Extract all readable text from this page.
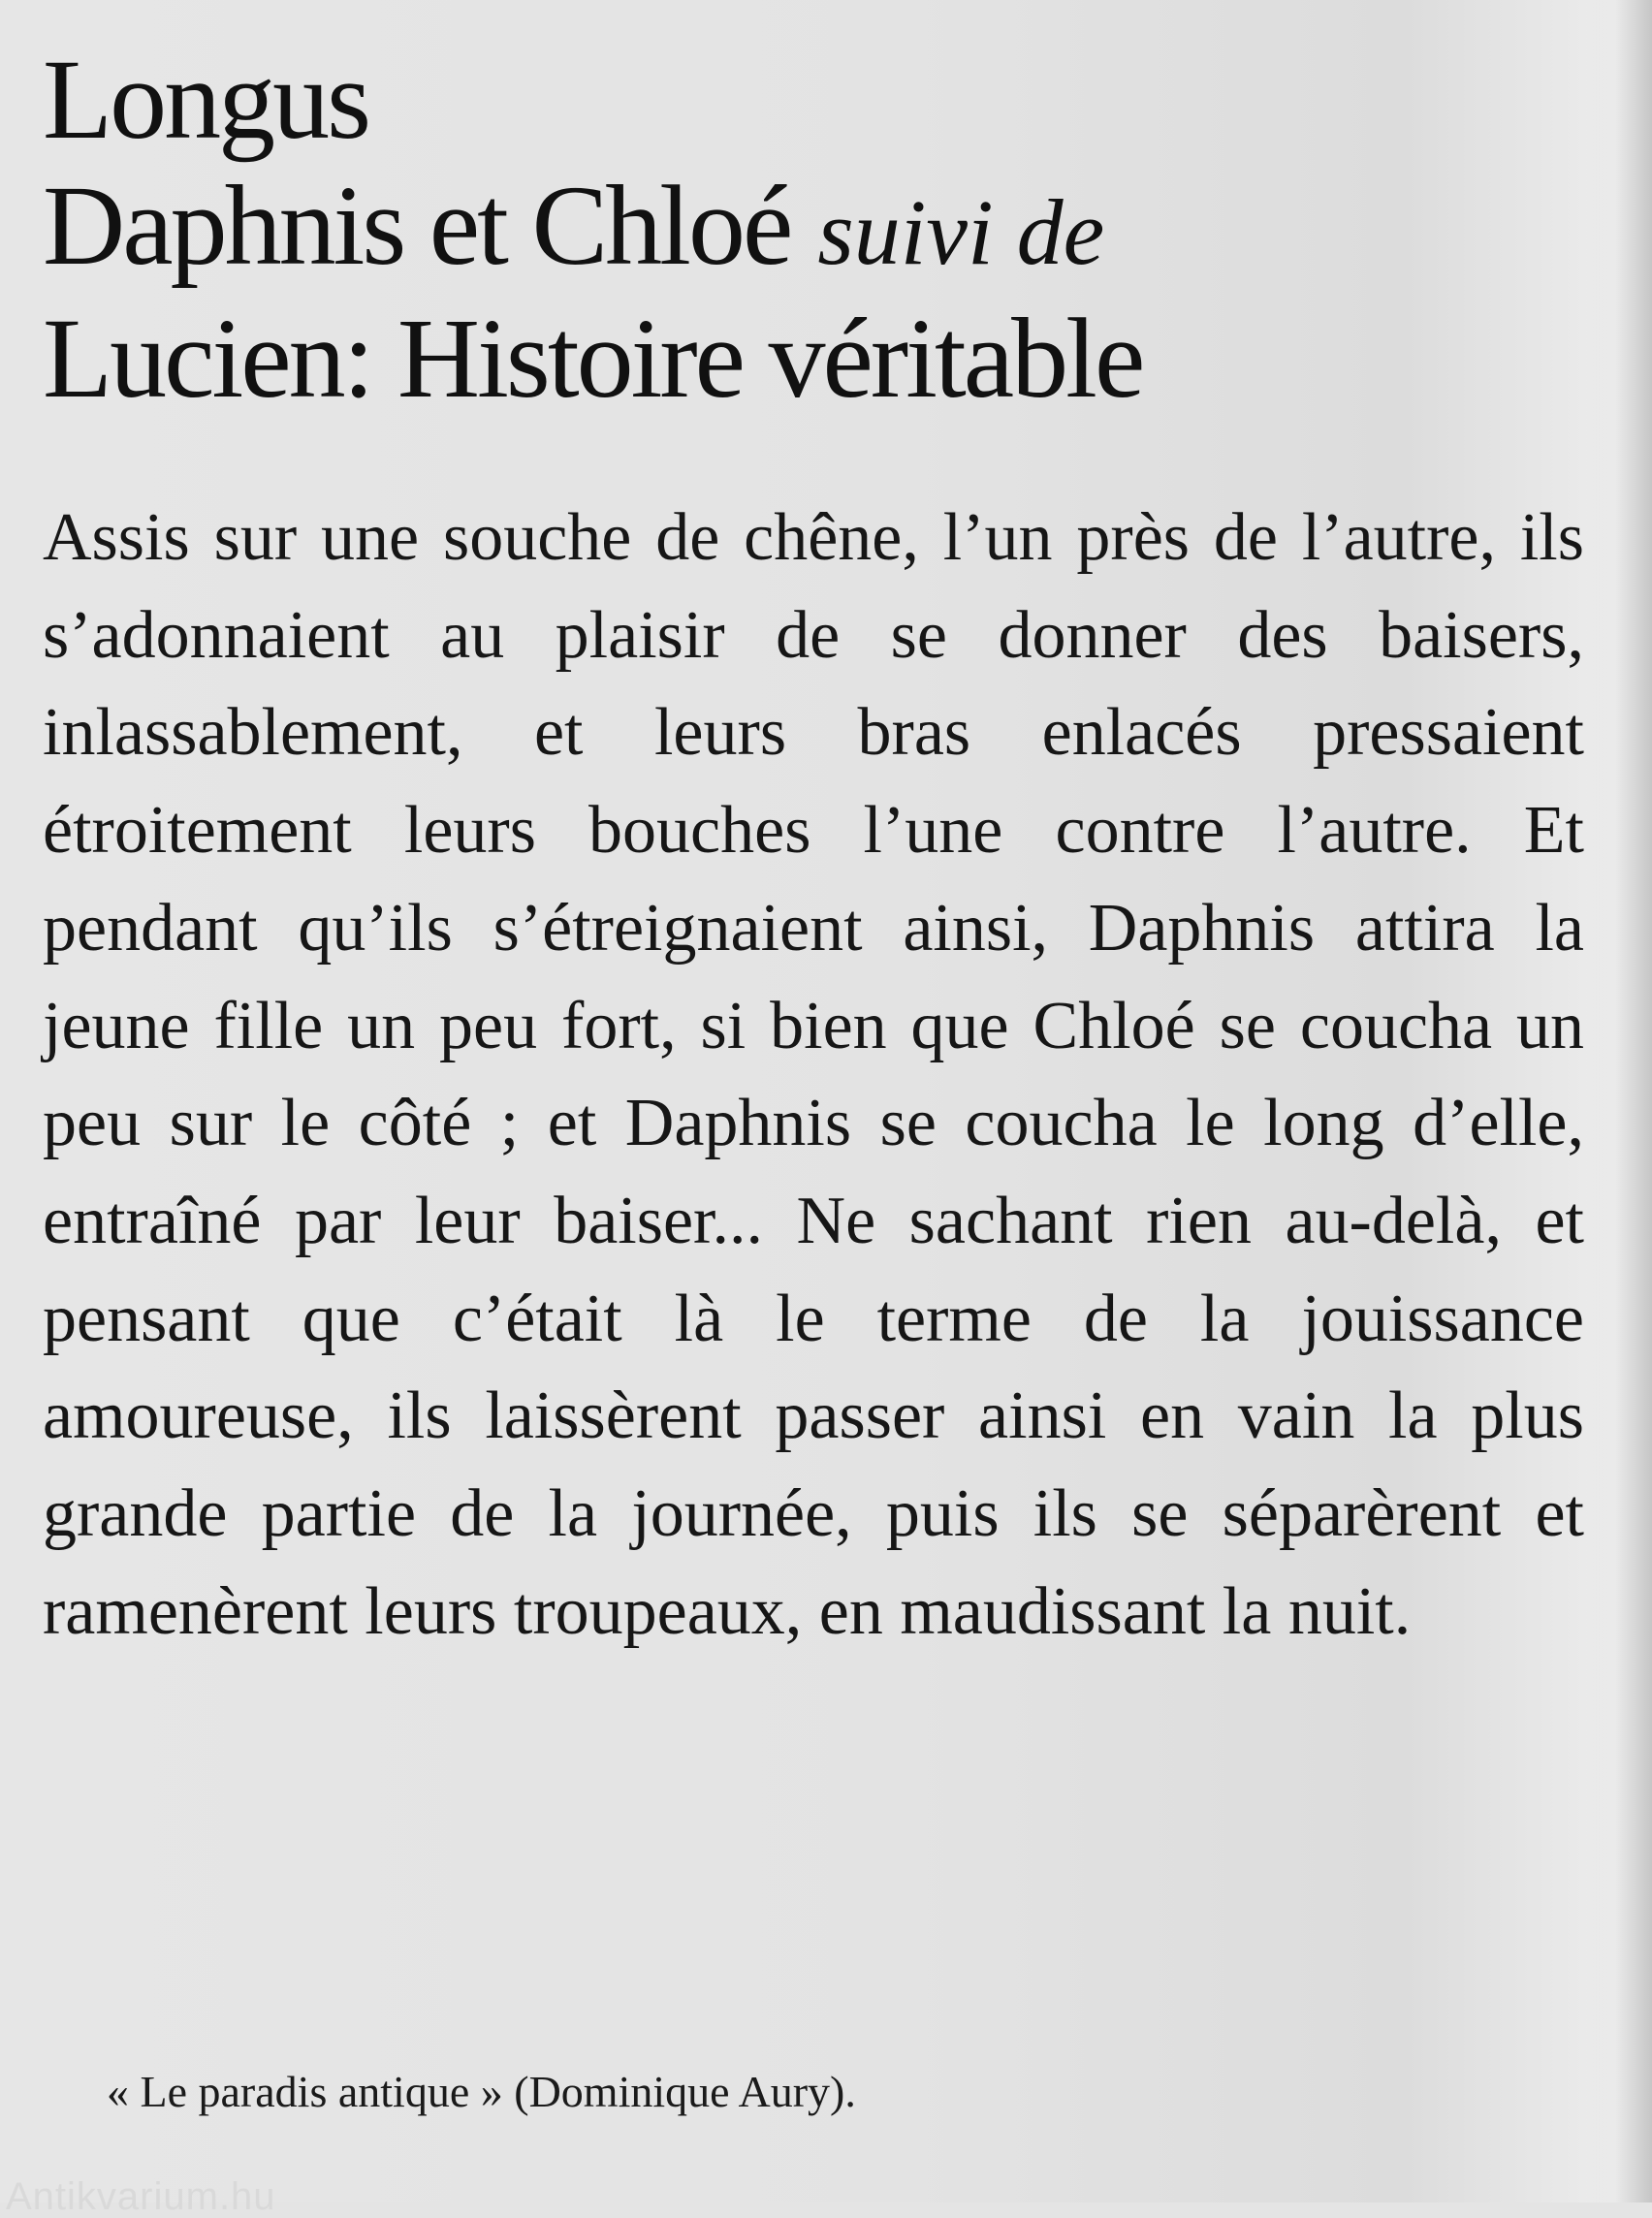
Longus
Daphnis et Chloé suivi de
Lucien: Histoire véritable

Assis sur une souche de chêne, l’un près de l’autre, ils s’adonnaient au plaisir de se donner des baisers, inlassablement, et leurs bras enlacés pressaient étroitement leurs bouches l’une contre l’autre. Et pendant qu’ils s’étreignaient ainsi, Daphnis attira la jeune fille un peu fort, si bien que Chloé se coucha un peu sur le côté ; et Daphnis se coucha le long d’elle, entraîné par leur baiser... Ne sachant rien au-delà, et pensant que c’était là le terme de la jouissance amoureuse, ils laissèrent passer ainsi en vain la plus grande partie de la journée, puis ils se séparèrent et ramenèrent leurs troupeaux, en maudissant la nuit.

« Le paradis antique » (Dominique Aury).
Antikvarium.hu
